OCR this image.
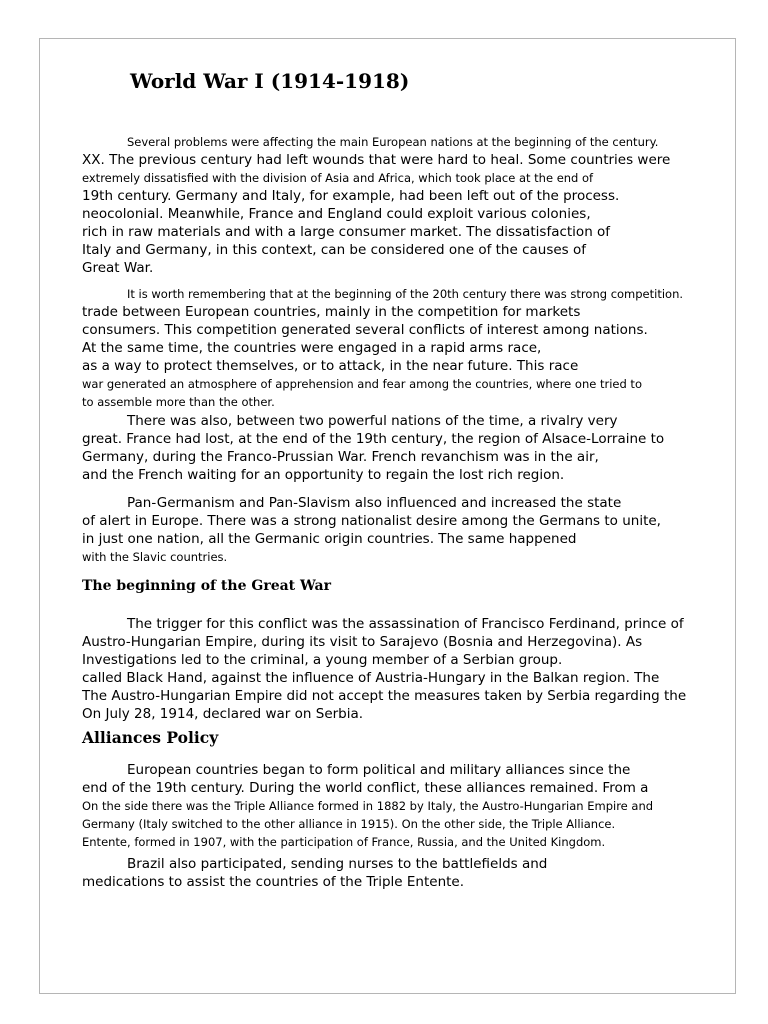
World War I (1914-1918)
Several problems were affecting the main European nations at the beginning of the century.
XX. The previous century had left wounds that were hard to heal. Some countries were
extremely dissatisfied with the division of Asia and Africa, which took place at the end of
19th century. Germany and Italy, for example, had been left out of the process.
neocolonial. Meanwhile, France and England could exploit various colonies,
rich in raw materials and with a large consumer market. The dissatisfaction of
Italy and Germany, in this context, can be considered one of the causes of
Great War.
It is worth remembering that at the beginning of the 20th century there was strong competition.
trade between European countries, mainly in the competition for markets
consumers. This competition generated several conflicts of interest among nations.
At the same time, the countries were engaged in a rapid arms race,
as a way to protect themselves, or to attack, in the near future. This race
war generated an atmosphere of apprehension and fear among the countries, where one tried to
to assemble more than the other.
There was also, between two powerful nations of the time, a rivalry very
great. France had lost, at the end of the 19th century, the region of Alsace-Lorraine to
Germany, during the Franco-Prussian War. French revanchism was in the air,
and the French waiting for an opportunity to regain the lost rich region.
Pan-Germanism and Pan-Slavism also influenced and increased the state
of alert in Europe. There was a strong nationalist desire among the Germans to unite,
in just one nation, all the Germanic origin countries. The same happened
with the Slavic countries.
The beginning of the Great War
The trigger for this conflict was the assassination of Francisco Ferdinand, prince of
Austro-Hungarian Empire, during its visit to Sarajevo (Bosnia and Herzegovina). As
Investigations led to the criminal, a young member of a Serbian group.
called Black Hand, against the influence of Austria-Hungary in the Balkan region. The
The Austro-Hungarian Empire did not accept the measures taken by Serbia regarding the
On July 28, 1914, declared war on Serbia.
Alliances Policy
European countries began to form political and military alliances since the
end of the 19th century. During the world conflict, these alliances remained. From a
On the side there was the Triple Alliance formed in 1882 by Italy, the Austro-Hungarian Empire and
Germany (Italy switched to the other alliance in 1915). On the other side, the Triple Alliance.
Entente, formed in 1907, with the participation of France, Russia, and the United Kingdom.
Brazil also participated, sending nurses to the battlefields and
medications to assist the countries of the Triple Entente.
